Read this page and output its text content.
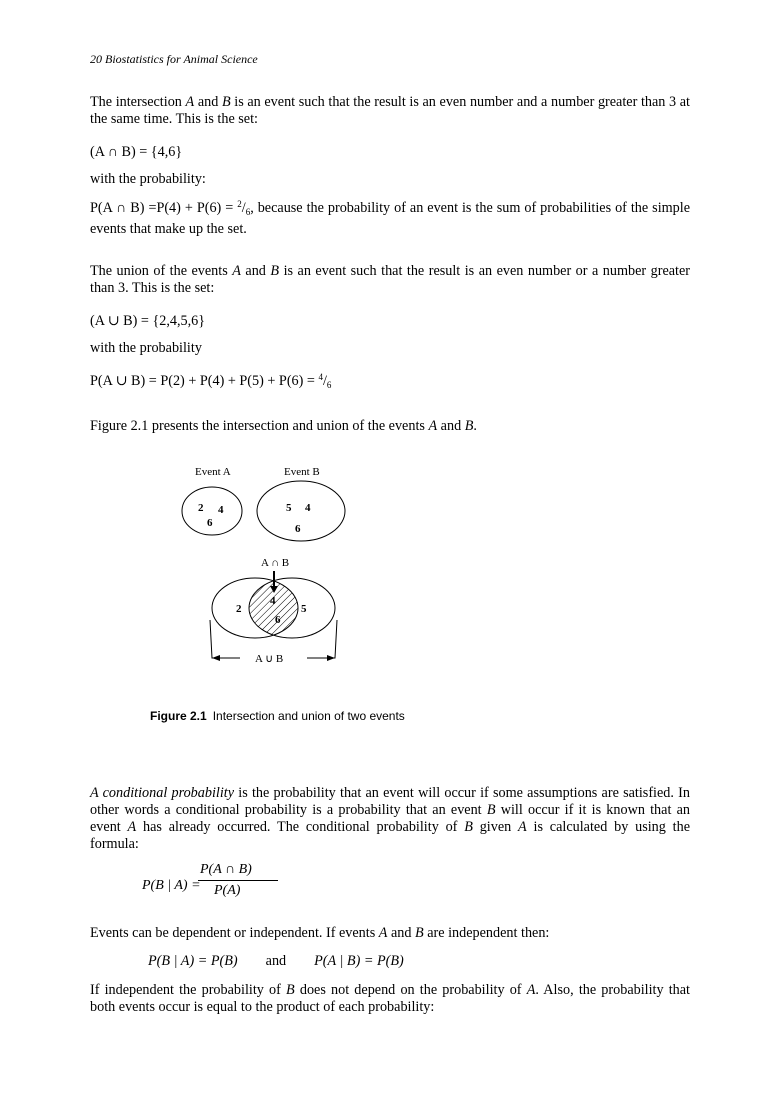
20 Biostatistics for Animal Science
The intersection A and B is an event such that the result is an even number and a number greater than 3 at the same time. This is the set:
(A ∩ B) = {4,6}
with the probability:
P(A ∩ $B) =P(4) + P(6) = ^2/_6$, because the probability of an event is the sum of probabilities of the simple events that make up the set.
The union of the events A and B is an event such that the result is an even number or a number greater than 3. This is the set:
(A ∪ B) = {2,4,5,6}
with the probability
P(A ∪ $B) = P(2) + P(4) + P(5) + P(6) = ^4/_6$
Figure 2.1 presents the intersection and union of the events A and B.
Event A	Event B
2 4
6
5 4
6
A ∩ B
2
4
6
5
A ∪ B
Figure 2.1 Intersection and union of two events
A conditional probability is the probability that an event will occur if some assumptions are satisfied. In other words a conditional probability is a probability that an event B will occur if it is known that an event A has already occurred. The conditional probability of B given A is calculated by using the formula:
P(B | A) =
P(A ∩ B)
P(A)
Events can be dependent or independent. If events A and B are independent then:
P(B | A) = P(B) and P(A | B) = P(B)
If independent the probability of B does not depend on the probability of A. Also, the probability that both events occur is equal to the product of each probability:
